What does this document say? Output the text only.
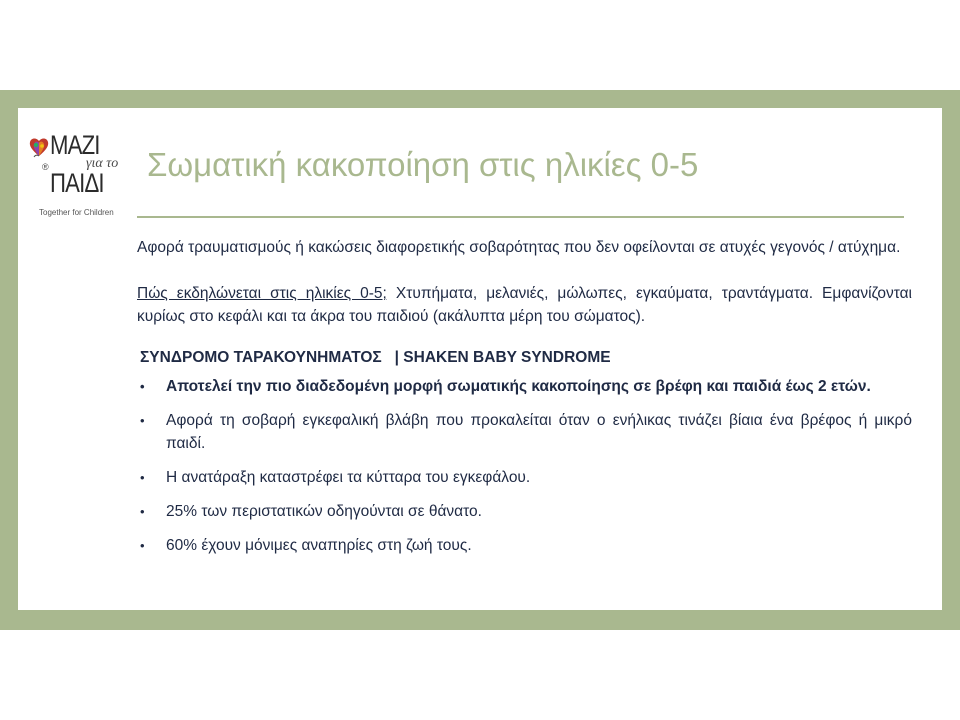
ΜΑΖΙ
για το
®
ΠΑΙΔΙ
Together for Children
Σωματική κακοποίηση στις ηλικίες 0-5

Αφορά τραυματισμούς ή κακώσεις διαφορετικής σοβαρότητας που δεν οφείλονται σε ατυχές γεγονός / ατύχημα.

Πώς εκδηλώνεται στις ηλικίες 0-5; Χτυπήματα, μελανιές, μώλωπες, εγκαύματα, τραντάγματα. Εμφανίζονται κυρίως στο κεφάλι και τα άκρα του παιδιού (ακάλυπτα μέρη του σώματος).

ΣΥΝΔΡΟΜΟ ΤΑΡΑΚΟΥΝΗΜΑΤΟΣ   | SHAKEN BABY SYNDROME
• Αποτελεί την πιο διαδεδομένη μορφή σωματικής κακοποίησης σε βρέφη και παιδιά έως 2 ετών.
• Αφορά τη σοβαρή εγκεφαλική βλάβη που προκαλείται όταν ο ενήλικας τινάζει βίαια ένα βρέφος ή μικρό παιδί.
• Η ανατάραξη καταστρέφει τα κύτταρα του εγκεφάλου.
• 25% των περιστατικών οδηγούνται σε θάνατο.
• 60% έχουν μόνιμες αναπηρίες στη ζωή τους.
